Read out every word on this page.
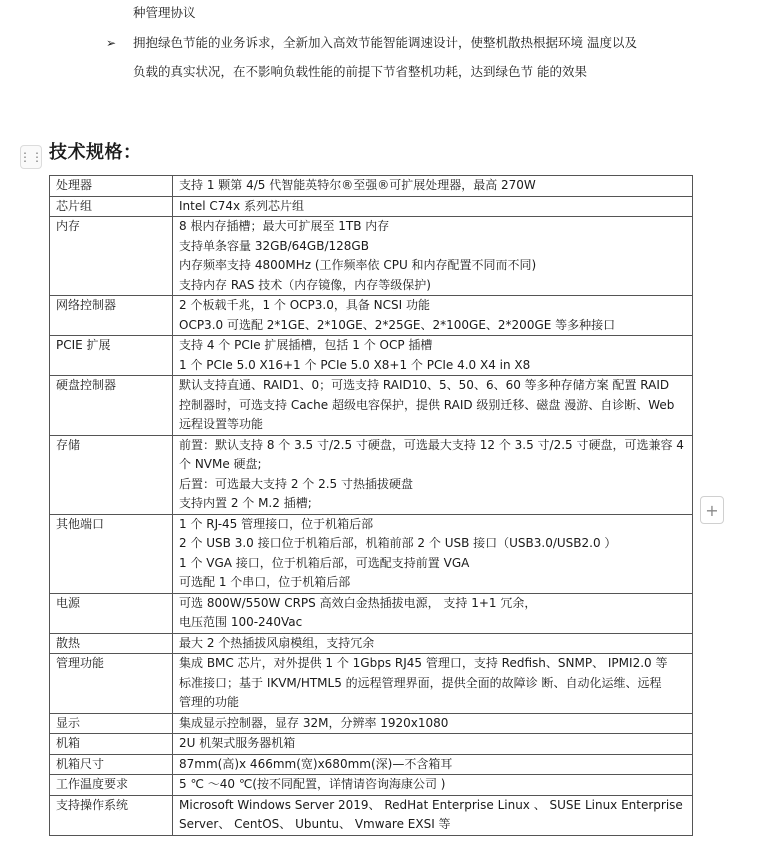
种管理协议
➢ 拥抱绿色节能的业务诉求，全新加入高效节能智能调速设计，使整机散热根据环境 温度以及
负载的真实状况，在不影响负载性能的前提下节省整机功耗，达到绿色节 能的效果
⋮⋮ 技术规格：
+
处理器	支持 1 颗第 4/5 代智能英特尔®至强®可扩展处理器，最高 270W

芯片组	Intel C74x 系列芯片组

内存	8 根内存插槽；最大可扩展至 1TB 内存
支持单条容量 32GB/64GB/128GB
内存频率支持 4800MHz (工作频率依 CPU 和内存配置不同而不同)
支持内存 RAS 技术（内存镜像，内存等级保护)

网络控制器	2 个板载千兆，1 个 OCP3.0，具备 NCSI 功能
OCP3.0 可选配 2*1GE、2*10GE、2*25GE、2*100GE、2*200GE 等多种接口

PCIE 扩展	支持 4 个 PCIe 扩展插槽，包括 1 个 OCP 插槽
1 个 PCIe 5.0 X16+1 个 PCIe 5.0 X8+1 个 PCIe 4.0 X4 in X8

硬盘控制器	默认支持直通、RAID1、0；可选支持 RAID10、5、50、6、60 等多种存储方案 配置 RAID
控制器时，可选支持 Cache 超级电容保护，提供 RAID 级别迁移、磁盘 漫游、自诊断、Web
远程设置等功能

存储	前置：默认支持 8 个 3.5 寸/2.5 寸硬盘，可选最大支持 12 个 3.5 寸/2.5 寸硬盘，可选兼容 4
个 NVMe 硬盘;
后置：可选最大支持 2 个 2.5 寸热插拔硬盘
支持内置 2 个 M.2 插槽;

其他端口	1 个 RJ-45 管理接口，位于机箱后部
2 个 USB 3.0 接口位于机箱后部，机箱前部 2 个 USB 接口（USB3.0/USB2.0 ）
1 个 VGA 接口，位于机箱后部，可选配支持前置 VGA
可选配 1 个串口，位于机箱后部

电源	可选 800W/550W CRPS 高效白金热插拔电源， 支持 1+1 冗余，
电压范围 100-240Vac

散热	最大 2 个热插拔风扇模组，支持冗余

管理功能	集成 BMC 芯片，对外提供 1 个 1Gbps RJ45 管理口，支持 Redfish、SNMP、 IPMI2.0 等
标准接口；基于 IKVM/HTML5 的远程管理界面，提供全面的故障诊 断、自动化运维、远程
管理的功能

显示	集成显示控制器，显存 32M，分辨率 1920x1080

机箱	2U 机架式服务器机箱

机箱尺寸	87mm(高)x 466mm(宽)x680mm(深)—不含箱耳

工作温度要求	5 ℃ ～40 ℃(按不同配置，详情请咨询海康公司 )

支持操作系统	Microsoft Windows Server 2019、 RedHat Enterprise Linux 、 SUSE Linux Enterprise
Server、 CentOS、 Ubuntu、 Vmware EXSI 等
